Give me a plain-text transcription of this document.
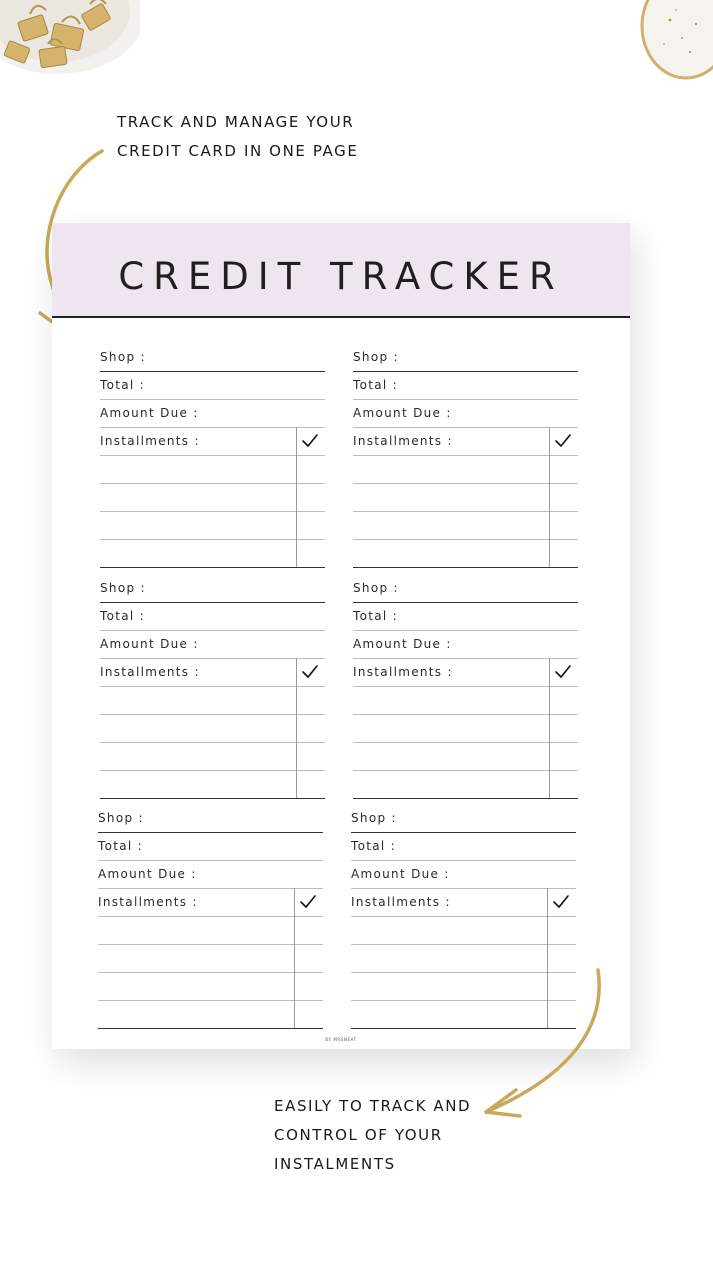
TRACK AND MANAGE YOUR
CREDIT CARD IN ONE PAGE
CREDIT TRACKER
Shop :
Total :
Amount Due :
Installments :
Shop :
Total :
Amount Due :
Installments :
Shop :
Total :
Amount Due :
Installments :
Shop :
Total :
Amount Due :
Installments :
Shop :
Total :
Amount Due :
Installments :
Shop :
Total :
Amount Due :
Installments :
BY MRSNEAT
EASILY TO TRACK AND
CONTROL OF YOUR
INSTALMENTS
